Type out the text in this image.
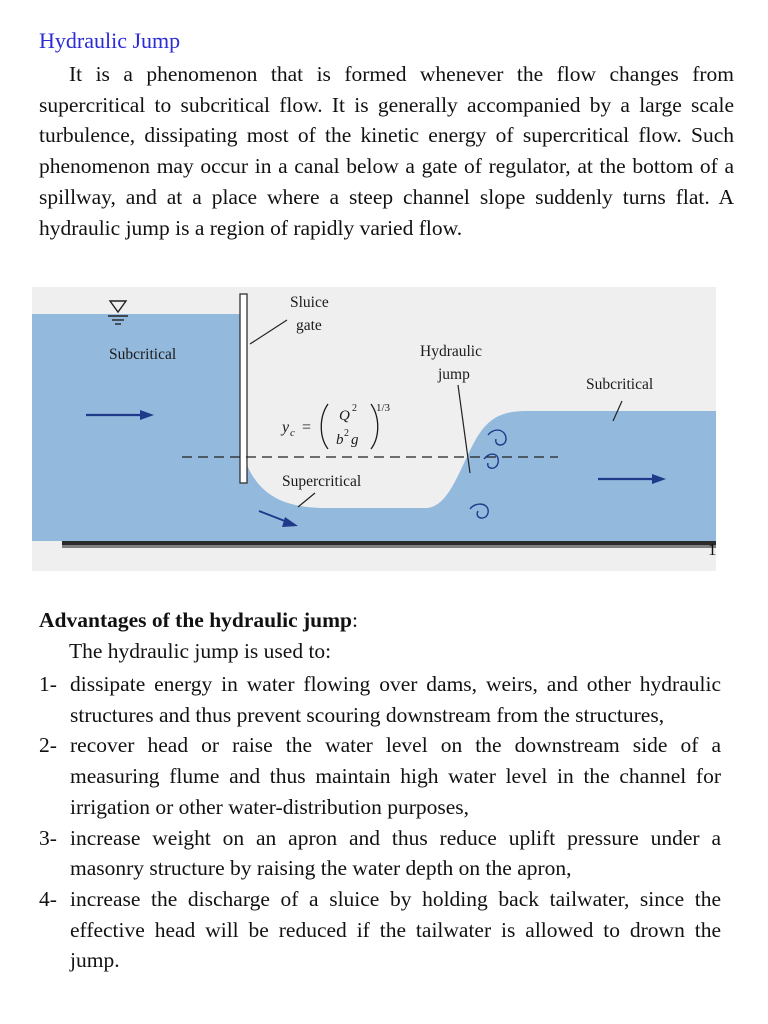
Hydraulic Jump
It is a phenomenon that is formed whenever the flow changes from supercritical to subcritical flow. It is generally accompanied by a large scale turbulence, dissipating most of the kinetic energy of supercritical flow. Such phenomenon may occur in a canal below a gate of regulator, at the bottom of a spillway, and at a place where a steep channel slope suddenly turns flat. A hydraulic jump is a region of rapidly varied flow.
Sluice
gate
Subcritical	Hydraulic
jump
Subcritical
Supercritical
y c =
Q 2
b 2 g
1/3
1
Advantages of the hydraulic jump:
The hydraulic jump is used to:
1- dissipate energy in water flowing over dams, weirs, and other hydraulic structures and thus prevent scouring downstream from the structures,
2- recover head or raise the water level on the downstream side of a measuring flume and thus maintain high water level in the channel for irrigation or other water-distribution purposes,
3- increase weight on an apron and thus reduce uplift pressure under a masonry structure by raising the water depth on the apron,
4- increase the discharge of a sluice by holding back tailwater, since the effective head will be reduced if the tailwater is allowed to drown the jump.
